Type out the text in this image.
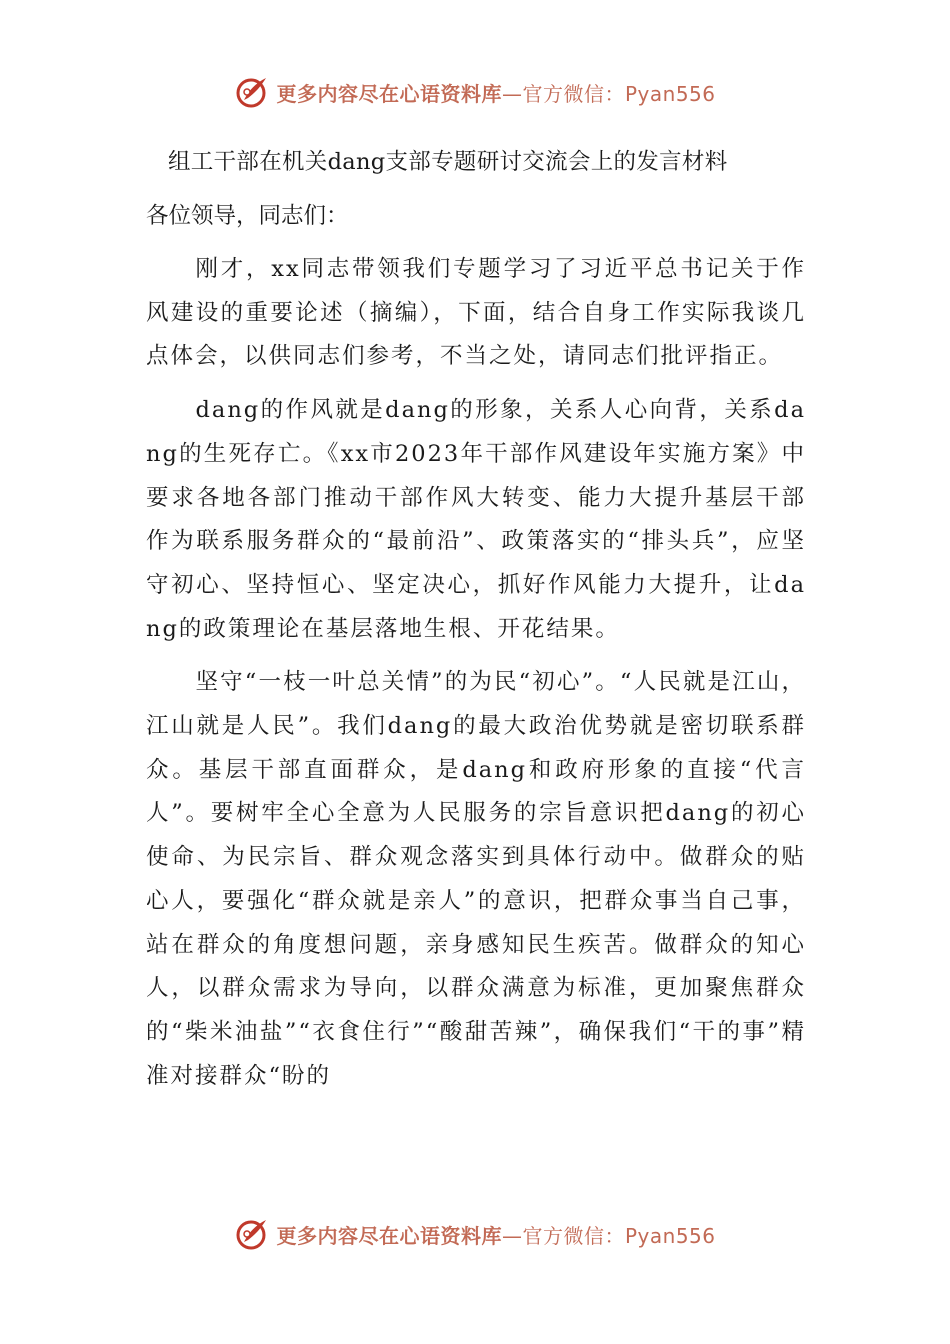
更多内容尽在心语资料库—官方微信：Pyan556
组工干部在机关dang支部专题研讨交流会上的发言材料
各位领导，同志们：

刚才，xx同志带领我们专题学习了习近平总书记关于作风建设的重要论述（摘编），下面，结合自身工作实际我谈几点体会，以供同志们参考，不当之处，请同志们批评指正。

dang的作风就是dang的形象，关系人心向背，关系dang的生死存亡。《xx市2023年干部作风建设年实施方案》中要求各地各部门推动干部作风大转变、能力大提升基层干部作为联系服务群众的“最前沿”、政策落实的“排头兵”，应坚守初心、坚持恒心、坚定决心，抓好作风能力大提升，让dang的政策理论在基层落地生根、开花结果。

坚守“一枝一叶总关情”的为民“初心”。“人民就是江山，江山就是人民”。我们dang的最大政治优势就是密切联系群众。基层干部直面群众，是dang和政府形象的直接“代言人”。要树牢全心全意为人民服务的宗旨意识把dang的初心使命、为民宗旨、群众观念落实到具体行动中。做群众的贴心人，要强化“群众就是亲人”的意识，把群众事当自己事，站在群众的角度想问题，亲身感知民生疾苦。做群众的知心人，以群众需求为导向，以群众满意为标准，更加聚焦群众的“柴米油盐”“衣食住行”“酸甜苦辣”，确保我们“干的事”精准对接群众“盼的

更多内容尽在心语资料库—官方微信：Pyan556
